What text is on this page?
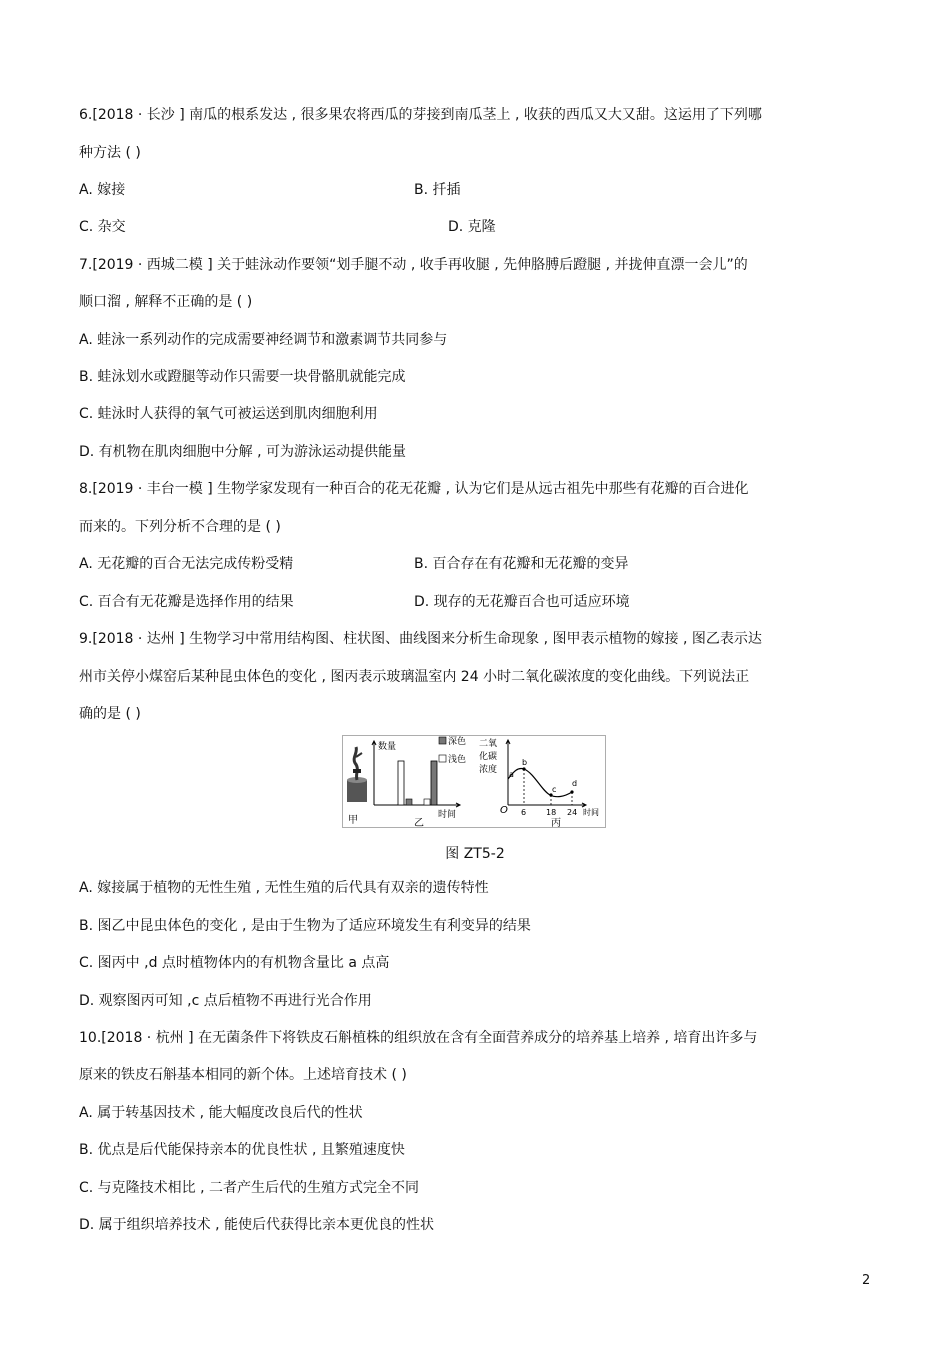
6.[2018 · 长沙 ] 南瓜的根系发达 , 很多果农将西瓜的芽接到南瓜茎上 , 收获的西瓜又大又甜。这运用了下列哪
种方法 ( )
A. 嫁接	B. 扦插
C. 杂交	D. 克隆
7.[2019 · 西城二模 ] 关于蛙泳动作要领“划手腿不动 , 收手再收腿 , 先伸胳膊后蹬腿 , 并拢伸直漂一会儿”的
顺口溜 , 解释不正确的是 ( )
A. 蛙泳一系列动作的完成需要神经调节和激素调节共同参与
B. 蛙泳划水或蹬腿等动作只需要一块骨骼肌就能完成
C. 蛙泳时人获得的氧气可被运送到肌肉细胞利用
D. 有机物在肌肉细胞中分解 , 可为游泳运动提供能量
8.[2019 · 丰台一模 ] 生物学家发现有一种百合的花无花瓣 , 认为它们是从远古祖先中那些有花瓣的百合进化
而来的。下列分析不合理的是 ( )
A. 无花瓣的百合无法完成传粉受精	B. 百合存在有花瓣和无花瓣的变异
C. 百合有无花瓣是选择作用的结果	D. 现存的无花瓣百合也可适应环境
9.[2018 · 达州 ] 生物学习中常用结构图、柱状图、曲线图来分析生命现象 , 图甲表示植物的嫁接 , 图乙表示达
州市关停小煤窑后某种昆虫体色的变化 , 图丙表示玻璃温室内 24 小时二氧化碳浓度的变化曲线。下列说法正
确的是 ( )
甲
数量	深色
浅色
时间
乙
二氧
化碳
浓度
O
a
b
c
d
6 18 24 时间
丙
图 ZT5-2
A. 嫁接属于植物的无性生殖 , 无性生殖的后代具有双亲的遗传特性
B. 图乙中昆虫体色的变化 , 是由于生物为了适应环境发生有利变异的结果
C. 图丙中 ,d 点时植物体内的有机物含量比 a 点高
D. 观察图丙可知 ,c 点后植物不再进行光合作用
10.[2018 · 杭州 ] 在无菌条件下将铁皮石斛植株的组织放在含有全面营养成分的培养基上培养 , 培育出许多与
原来的铁皮石斛基本相同的新个体。上述培育技术 ( )
A. 属于转基因技术 , 能大幅度改良后代的性状
B. 优点是后代能保持亲本的优良性状 , 且繁殖速度快
C. 与克隆技术相比 , 二者产生后代的生殖方式完全不同
D. 属于组织培养技术 , 能使后代获得比亲本更优良的性状
2
